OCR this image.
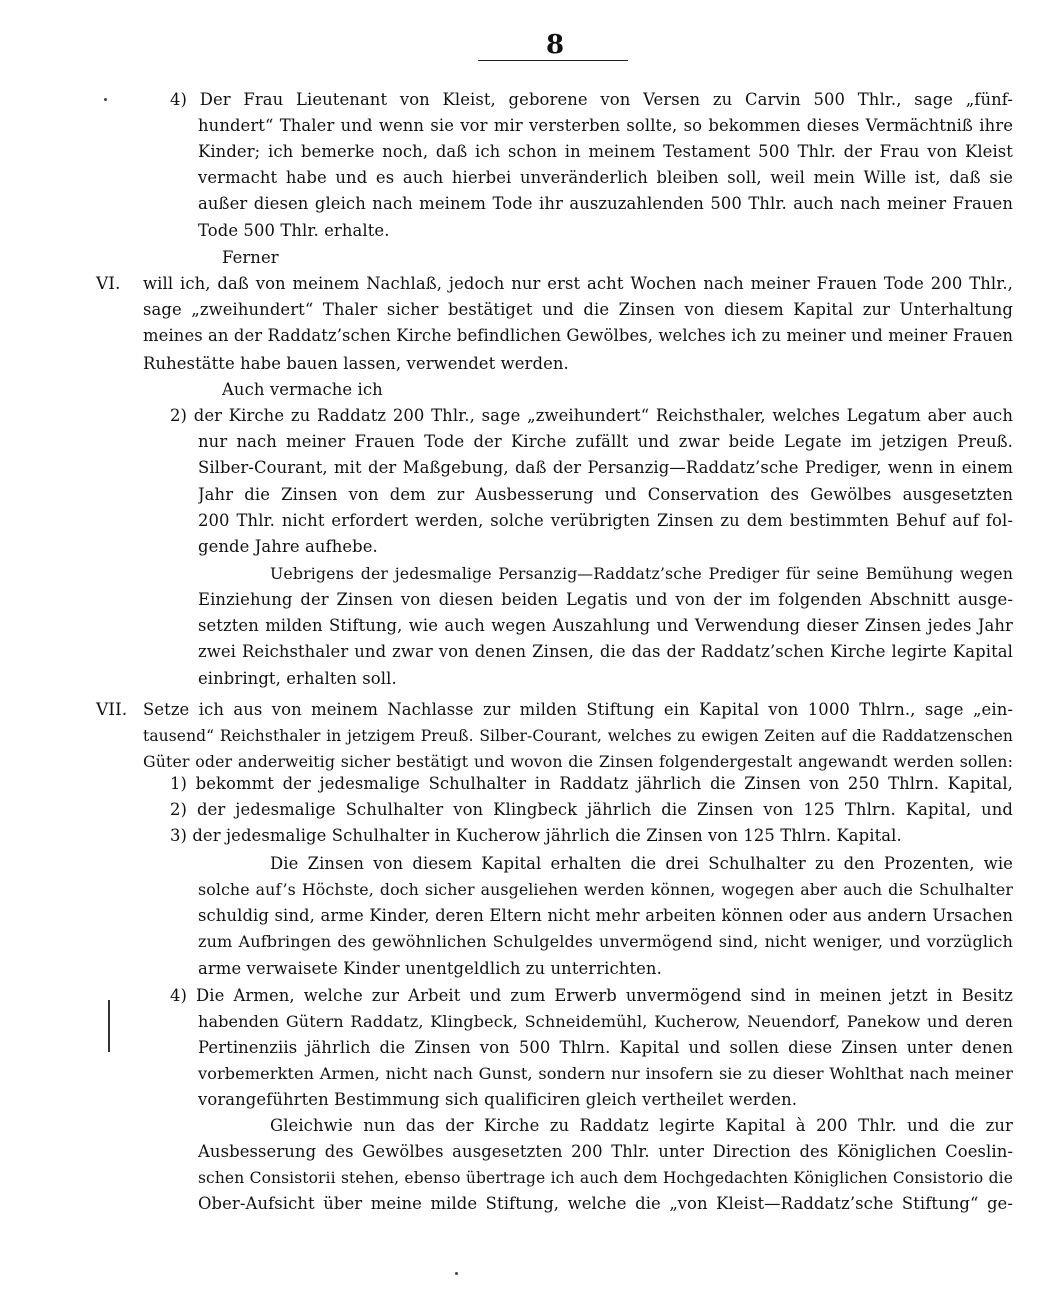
8
VI.
VII.
4) Der Frau Lieutenant von Kleist, geborene von Versen zu Carvin 500 Thlr., sage „fünf-
hundert“ Thaler und wenn sie vor mir versterben sollte, so bekommen dieses Vermächtniß ihre
Kinder; ich bemerke noch, daß ich schon in meinem Testament 500 Thlr. der Frau von Kleist
vermacht habe und es auch hierbei unveränderlich bleiben soll, weil mein Wille ist, daß sie
außer diesen gleich nach meinem Tode ihr auszuzahlenden 500 Thlr. auch nach meiner Frauen
Tode 500 Thlr. erhalte.
Ferner
will ich, daß von meinem Nachlaß, jedoch nur erst acht Wochen nach meiner Frauen Tode 200 Thlr.,
sage „zweihundert“ Thaler sicher bestätiget und die Zinsen von diesem Kapital zur Unterhaltung
meines an der Raddatz’schen Kirche befindlichen Gewölbes, welches ich zu meiner und meiner Frauen
Ruhestätte habe bauen lassen, verwendet werden.
Auch vermache ich
2) der Kirche zu Raddatz 200 Thlr., sage „zweihundert“ Reichsthaler, welches Legatum aber auch
nur nach meiner Frauen Tode der Kirche zufällt und zwar beide Legate im jetzigen Preuß.
Silber-Courant, mit der Maßgebung, daß der Persanzig—Raddatz’sche Prediger, wenn in einem
Jahr die Zinsen von dem zur Ausbesserung und Conservation des Gewölbes ausgesetzten
200 Thlr. nicht erfordert werden, solche verübrigten Zinsen zu dem bestimmten Behuf auf fol-
gende Jahre aufhebe.
Uebrigens der jedesmalige Persanzig—Raddatz’sche Prediger für seine Bemühung wegen
Einziehung der Zinsen von diesen beiden Legatis und von der im folgenden Abschnitt ausge-
setzten milden Stiftung, wie auch wegen Auszahlung und Verwendung dieser Zinsen jedes Jahr
zwei Reichsthaler und zwar von denen Zinsen, die das der Raddatz’schen Kirche legirte Kapital
einbringt, erhalten soll.
Setze ich aus von meinem Nachlasse zur milden Stiftung ein Kapital von 1000 Thlrn., sage „ein-
tausend“ Reichsthaler in jetzigem Preuß. Silber-Courant, welches zu ewigen Zeiten auf die Raddatzenschen
Güter oder anderweitig sicher bestätigt und wovon die Zinsen folgendergestalt angewandt werden sollen:
1) bekommt der jedesmalige Schulhalter in Raddatz jährlich die Zinsen von 250 Thlrn. Kapital,
2) der jedesmalige Schulhalter von Klingbeck jährlich die Zinsen von 125 Thlrn. Kapital, und
3) der jedesmalige Schulhalter in Kucherow jährlich die Zinsen von 125 Thlrn. Kapital.
Die Zinsen von diesem Kapital erhalten die drei Schulhalter zu den Prozenten, wie
solche auf’s Höchste, doch sicher ausgeliehen werden können, wogegen aber auch die Schulhalter
schuldig sind, arme Kinder, deren Eltern nicht mehr arbeiten können oder aus andern Ursachen
zum Aufbringen des gewöhnlichen Schulgeldes unvermögend sind, nicht weniger, und vorzüglich
arme verwaisete Kinder unentgeldlich zu unterrichten.
4) Die Armen, welche zur Arbeit und zum Erwerb unvermögend sind in meinen jetzt in Besitz
habenden Gütern Raddatz, Klingbeck, Schneidemühl, Kucherow, Neuendorf, Panekow und deren
Pertinenziis jährlich die Zinsen von 500 Thlrn. Kapital und sollen diese Zinsen unter denen
vorbemerkten Armen, nicht nach Gunst, sondern nur insofern sie zu dieser Wohlthat nach meiner
vorangeführten Bestimmung sich qualificiren gleich vertheilet werden.
Gleichwie nun das der Kirche zu Raddatz legirte Kapital à 200 Thlr. und die zur
Ausbesserung des Gewölbes ausgesetzten 200 Thlr. unter Direction des Königlichen Coeslin-
schen Consistorii stehen, ebenso übertrage ich auch dem Hochgedachten Königlichen Consistorio die
Ober-Aufsicht über meine milde Stiftung, welche die „von Kleist—Raddatz’sche Stiftung“ ge-
